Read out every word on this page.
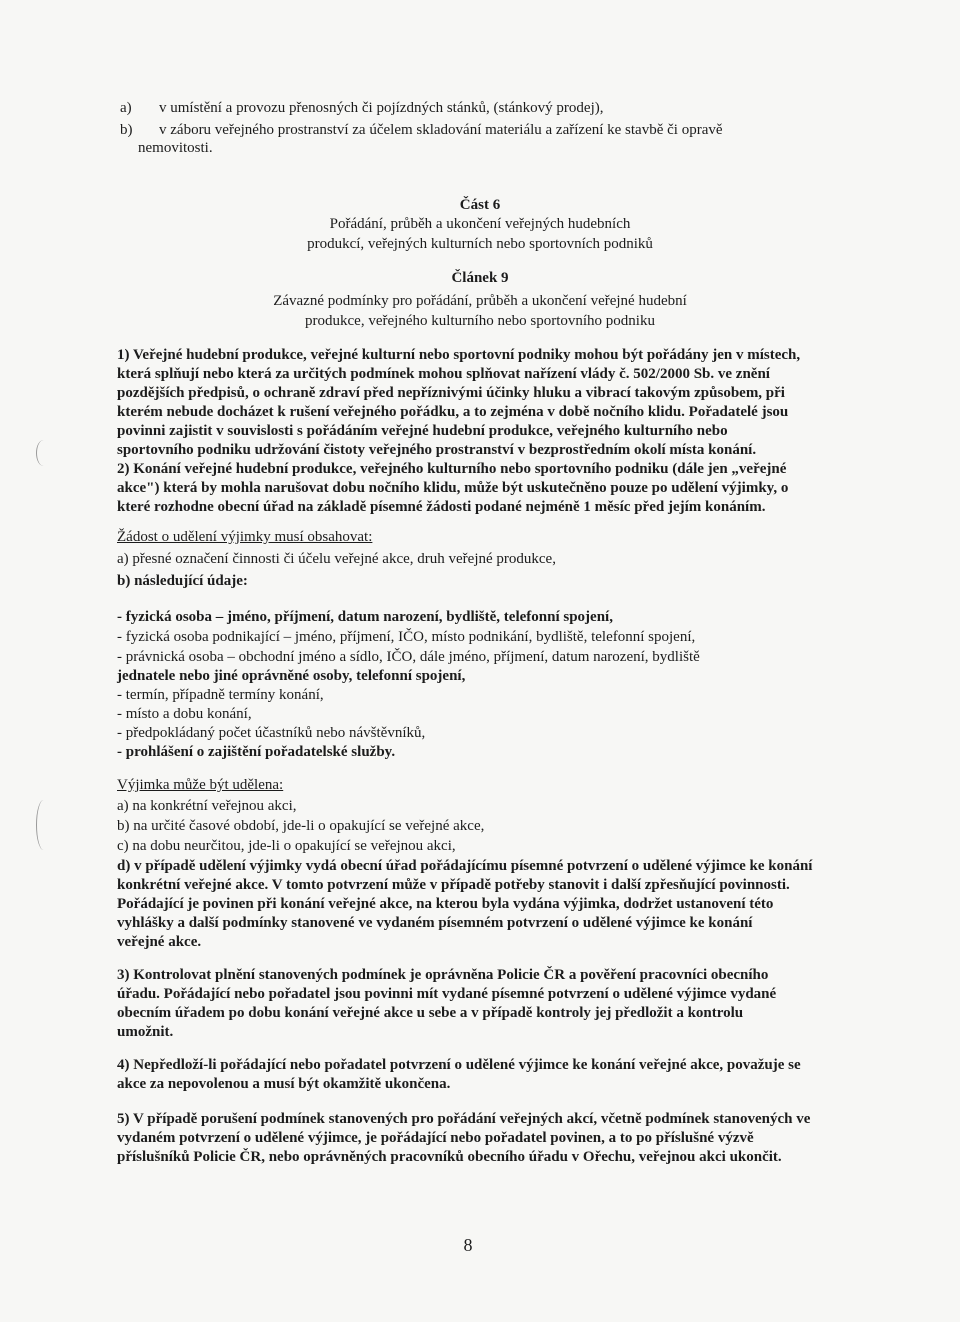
a) v umístění a provozu přenosných či pojízdných stánků, (stánkový prodej),
b) v záboru veřejného prostranství za účelem skladování materiálu a zařízení ke stavbě či opravě
nemovitosti.
Část 6
Pořádání, průběh a ukončení veřejných hudebních
produkcí, veřejných kulturních nebo sportovních podniků
Článek 9
Závazné podmínky pro pořádání, průběh a ukončení veřejné hudební
produkce, veřejného kulturního nebo sportovního podniku
1) Veřejné hudební produkce, veřejné kulturní nebo sportovní podniky mohou být pořádány jen v místech,
která splňují nebo která za určitých podmínek mohou splňovat nařízení vlády č. 502/2000 Sb. ve znění
pozdějších předpisů, o ochraně zdraví před nepříznivými účinky hluku a vibrací takovým způsobem, při
kterém nebude docházet k rušení veřejného pořádku, a to zejména v době nočního klidu. Pořadatelé jsou
povinni zajistit v souvislosti s pořádáním veřejné hudební produkce, veřejného kulturního nebo
sportovního podniku udržování čistoty veřejného prostranství v bezprostředním okolí místa konání.
2) Konání veřejné hudební produkce, veřejného kulturního nebo sportovního podniku (dále jen „veřejné
akce") která by mohla narušovat dobu nočního klidu, může být uskutečněno pouze po udělení výjimky, o
které rozhodne obecní úřad na základě písemné žádosti podané nejméně 1 měsíc před jejím konáním.
Žádost o udělení výjimky musí obsahovat:
a) přesné označení činnosti či účelu veřejné akce, druh veřejné produkce,
b) následující údaje:
- fyzická osoba – jméno, příjmení, datum narození, bydliště, telefonní spojení,
- fyzická osoba podnikající – jméno, příjmení, IČO, místo podnikání, bydliště, telefonní spojení,
- právnická osoba – obchodní jméno a sídlo, IČO, dále jméno, příjmení, datum narození, bydliště
jednatele nebo jiné oprávněné osoby, telefonní spojení,
- termín, případně termíny konání,
- místo a dobu konání,
- předpokládaný počet účastníků nebo návštěvníků,
- prohlášení o zajištění pořadatelské služby.
Výjimka může být udělena:
a) na konkrétní veřejnou akci,
b) na určité časové období, jde-li o opakující se veřejné akce,
c) na dobu neurčitou, jde-li o opakující se veřejnou akci,
d) v případě udělení výjimky vydá obecní úřad pořádajícímu písemné potvrzení o udělené výjimce ke konání
konkrétní veřejné akce. V tomto potvrzení může v případě potřeby stanovit i další zpřesňující povinnosti.
Pořádající je povinen při konání veřejné akce, na kterou byla vydána výjimka, dodržet ustanovení této
vyhlášky a další podmínky stanovené ve vydaném písemném potvrzení o udělené výjimce ke konání
veřejné akce.
3) Kontrolovat plnění stanovených podmínek je oprávněna Policie ČR a pověření pracovníci obecního
úřadu. Pořádající nebo pořadatel jsou povinni mít vydané písemné potvrzení o udělené výjimce vydané
obecním úřadem po dobu konání veřejné akce u sebe a v případě kontroly jej předložit a kontrolu
umožnit.
4) Nepředloží-li pořádající nebo pořadatel potvrzení o udělené výjimce ke konání veřejné akce, považuje se
akce za nepovolenou a musí být okamžitě ukončena.
5) V případě porušení podmínek stanovených pro pořádání veřejných akcí, včetně podmínek stanovených ve
vydaném potvrzení o udělené výjimce, je pořádající nebo pořadatel povinen, a to po příslušné výzvě
příslušníků Policie ČR, nebo oprávněných pracovníků obecního úřadu v Ořechu, veřejnou akci ukončit.
8
